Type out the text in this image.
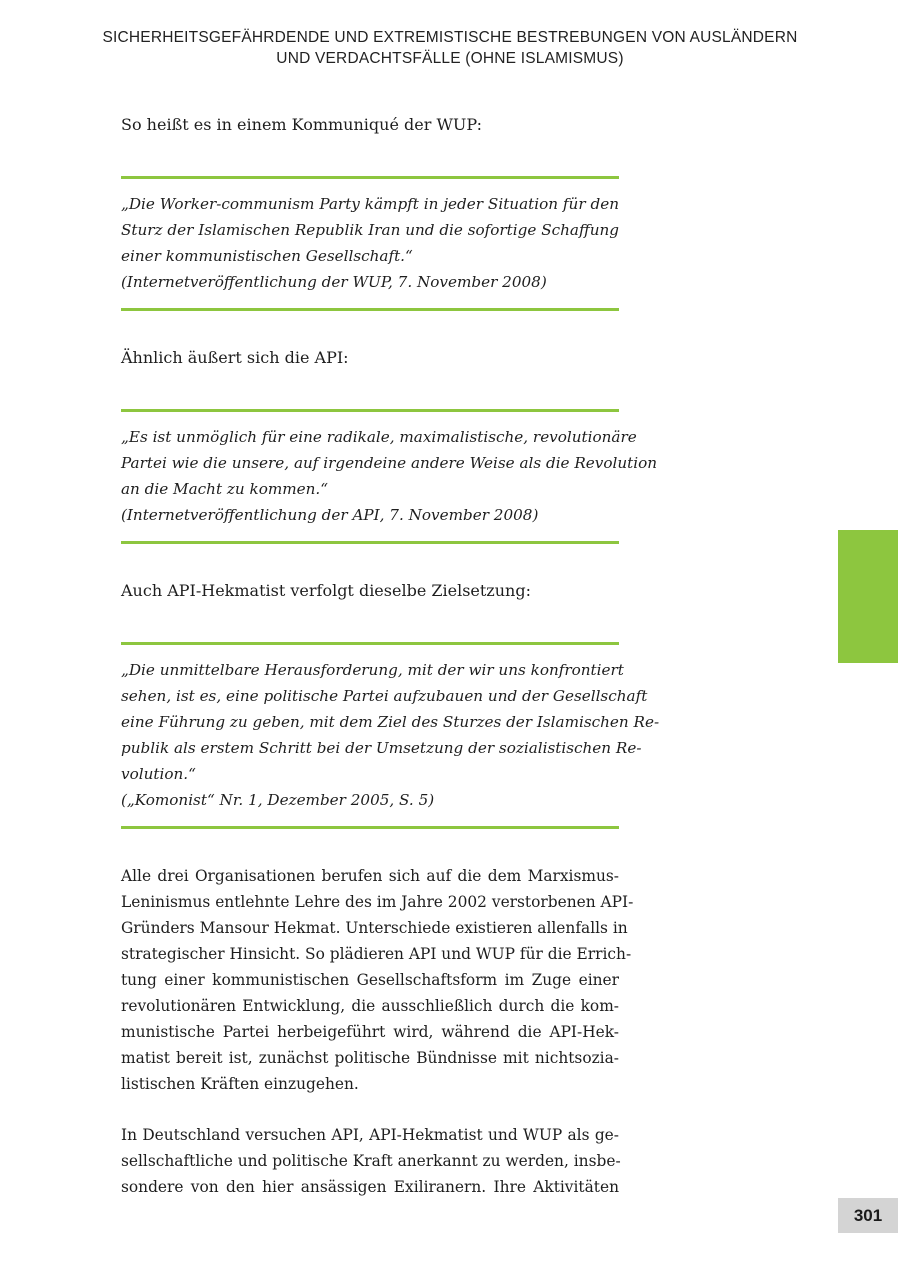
SICHERHEITSGEFÄHRDENDE UND EXTREMISTISCHE BESTREBUNGEN VON AUSLÄNDERN
UND VERDACHTSFÄLLE (OHNE ISLAMISMUS)
So heißt es in einem Kommuniqué der WUP:
„Die Worker-communism Party kämpft in jeder Situation für den
Sturz der Islamischen Republik Iran und die sofortige Schaffung
einer kommunistischen Gesellschaft.“
(Internetveröffentlichung der WUP, 7. November 2008)
Ähnlich äußert sich die API:
„Es ist unmöglich für eine radikale, maximalistische, revolutionäre
Partei wie die unsere, auf irgendeine andere Weise als die Revolution
an die Macht zu kommen.“
(Internetveröffentlichung der API, 7. November 2008)
Auch API-Hekmatist verfolgt dieselbe Zielsetzung:
„Die unmittelbare Herausforderung, mit der wir uns konfrontiert
sehen, ist es, eine politische Partei aufzubauen und der Gesellschaft
eine Führung zu geben, mit dem Ziel des Sturzes der Islamischen Re-
publik als erstem Schritt bei der Umsetzung der sozialistischen Re-
volution.“
(„Komonist“ Nr. 1, Dezember 2005, S. 5)
Alle drei Organisationen berufen sich auf die dem Marxismus-
Leninismus entlehnte Lehre des im Jahre 2002 verstorbenen API-
Gründers Mansour Hekmat. Unterschiede existieren allenfalls in
strategischer Hinsicht. So plädieren API und WUP für die Errich-
tung einer kommunistischen Gesellschaftsform im Zuge einer
revolutionären Entwicklung, die ausschließlich durch die kom-
munistische Partei herbeigeführt wird, während die API-Hek-
matist bereit ist, zunächst politische Bündnisse mit nichtsozia-
listischen Kräften einzugehen.
In Deutschland versuchen API, API-Hekmatist und WUP als ge-
sellschaftliche und politische Kraft anerkannt zu werden, insbe-
sondere von den hier ansässigen Exiliranern. Ihre Aktivitäten
301
